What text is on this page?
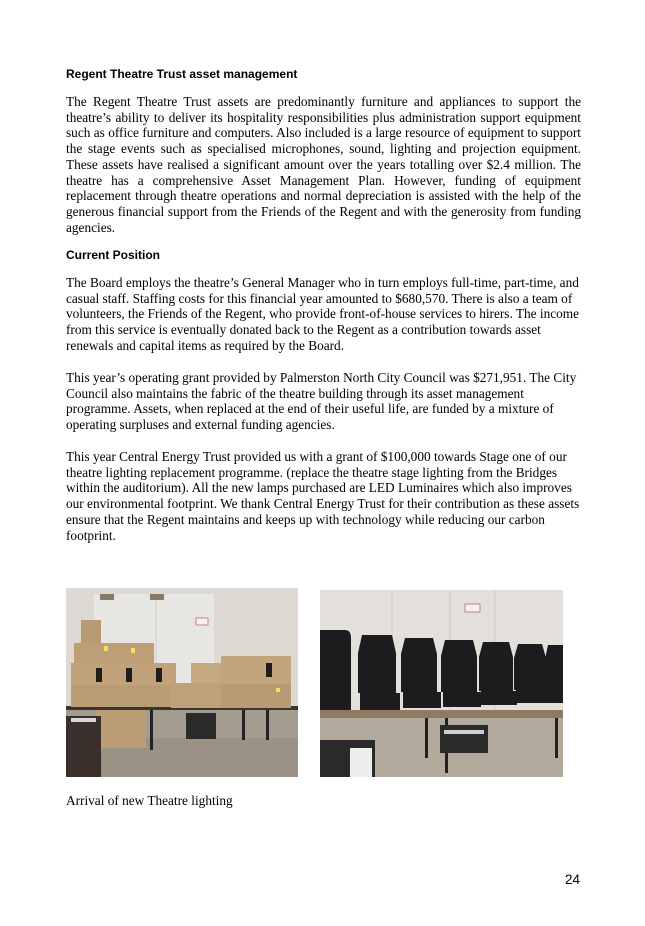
Regent Theatre Trust asset management
The Regent Theatre Trust assets are predominantly furniture and appliances to support the theatre’s ability to deliver its hospitality responsibilities plus administration support equipment such as office furniture and computers. Also included is a large resource of equipment to support the stage events such as specialised microphones, sound, lighting and projection equipment. These assets have realised a significant amount over the years totalling over $2.4 million. The theatre has a comprehensive Asset Management Plan. However, funding of equipment replacement through theatre operations and normal depreciation is assisted with the help of the generous financial support from the Friends of the Regent and with the generosity from funding agencies.
Current Position
The Board employs the theatre’s General Manager who in turn employs full-time, part-time, and casual staff. Staffing costs for this financial year amounted to $680,570. There is also a team of volunteers, the Friends of the Regent, who provide front-of-house services to hirers. The income from this service is eventually donated back to the Regent as a contribution towards asset renewals and capital items as required by the Board.
This year’s operating grant provided by Palmerston North City Council was $271,951. The City Council also maintains the fabric of the theatre building through its asset management programme. Assets, when replaced at the end of their useful life, are funded by a mixture of operating surpluses and external funding agencies.
This year Central Energy Trust provided us with a grant of $100,000 towards Stage one of our theatre lighting replacement programme. (replace the theatre stage lighting from the Bridges within the auditorium). All the new lamps purchased are LED Luminaires which also improves our environmental footprint. We thank Central Energy Trust for their contribution as these assets ensure that the Regent maintains and keeps up with technology while reducing our carbon footprint.
Arrival of new Theatre lighting
24
